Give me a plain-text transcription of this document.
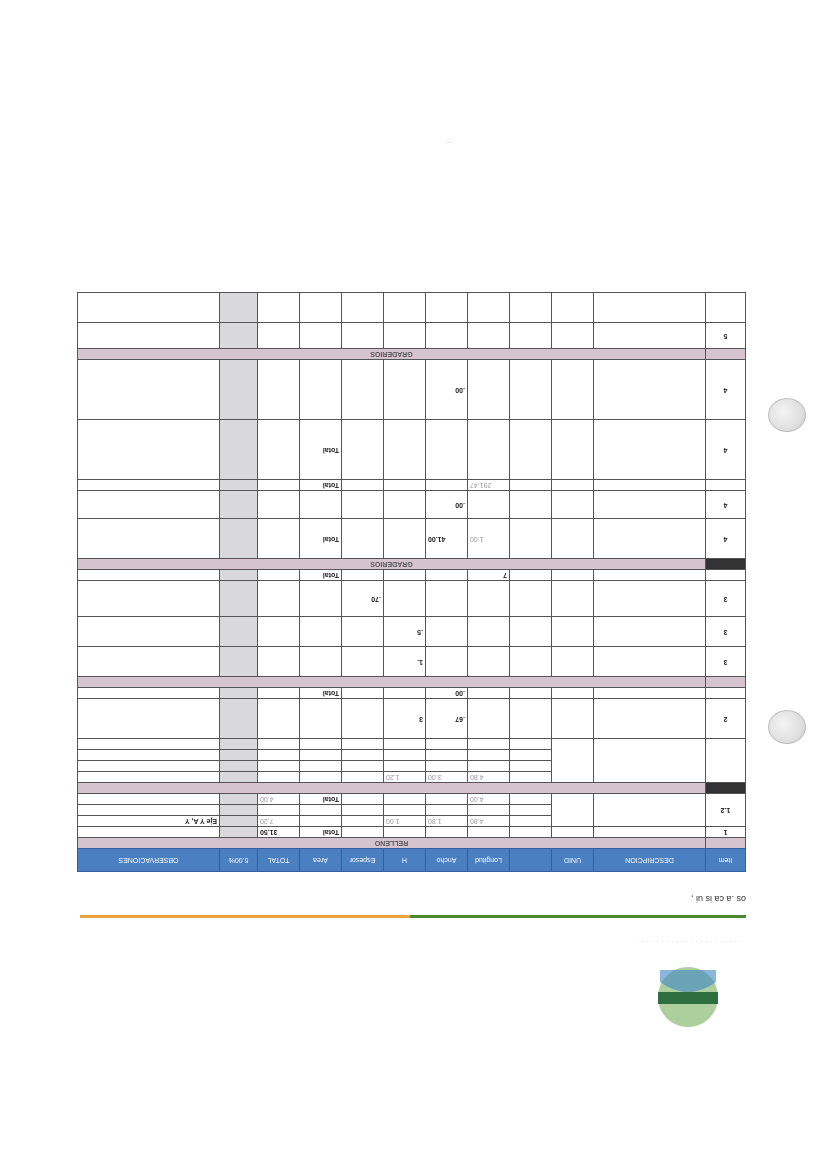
...
· · · · · · · · · · · · · · · · · · · · · ·
os .a ca is ui ,
Item	DESCRIPCION	UNID		Longitud	Ancho	H	Espesor	Area	TOTAL	5.00%	OBSERVACIONES
	RELLENO										
1								Total	31.50		
1.2				4.80	1.80	1.00			7.20		Eje Y A, Y

				4.00				Total	4.00		

				4.80	3.00	1.20					

2					.67	3					
					.00			Total			

3						1.					
3						.5					
3							.70				
				7				Total			
	GRADERIOS										
4				1.00	41.00			Total			
4					.00						
				291.47				Total			
4								Total			
4					.00						
	GRADERIOS										
5											
